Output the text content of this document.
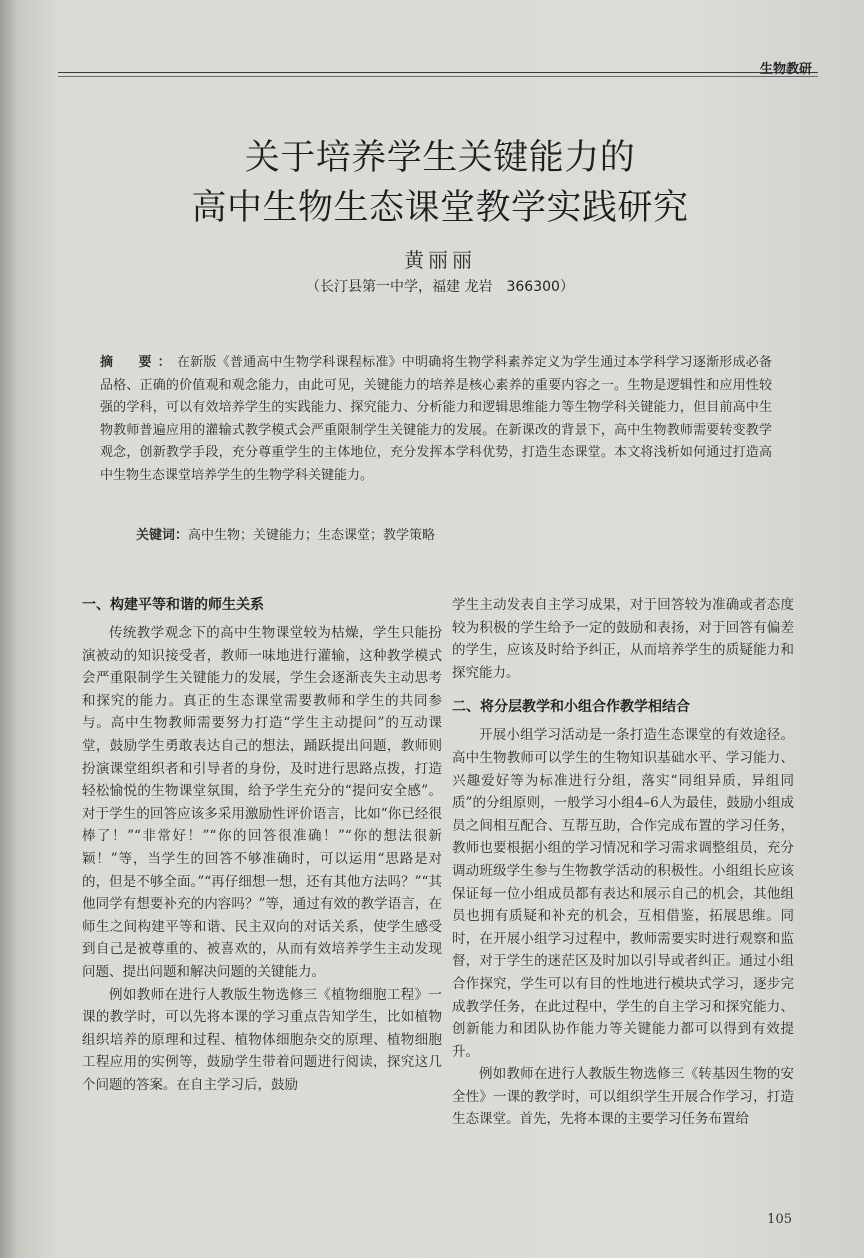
生物教研
关于培养学生关键能力的
高中生物生态课堂教学实践研究
黄丽丽
（长汀县第一中学，福建 龙岩　366300）
摘　要：在新版《普通高中生物学科课程标准》中明确将生物学科素养定义为学生通过本学科学习逐渐形成必备品格、正确的价值观和观念能力，由此可见，关键能力的培养是核心素养的重要内容之一。生物是逻辑性和应用性较强的学科，可以有效培养学生的实践能力、探究能力、分析能力和逻辑思维能力等生物学科关键能力，但目前高中生物教师普遍应用的灌输式教学模式会严重限制学生关键能力的发展。在新课改的背景下，高中生物教师需要转变教学观念，创新教学手段，充分尊重学生的主体地位，充分发挥本学科优势，打造生态课堂。本文将浅析如何通过打造高中生物生态课堂培养学生的生物学科关键能力。
关键词：高中生物；关键能力；生态课堂；教学策略
一、构建平等和谐的师生关系

传统教学观念下的高中生物课堂较为枯燥，学生只能扮演被动的知识接受者，教师一味地进行灌输，这种教学模式会严重限制学生关键能力的发展，学生会逐渐丧失主动思考和探究的能力。真正的生态课堂需要教师和学生的共同参与。高中生物教师需要努力打造“学生主动提问”的互动课堂，鼓励学生勇敢表达自己的想法，踊跃提出问题，教师则扮演课堂组织者和引导者的身份，及时进行思路点拨，打造轻松愉悦的生物课堂氛围，给予学生充分的“提问安全感”。对于学生的回答应该多采用激励性评价语言，比如“你已经很棒了！”“非常好！”“你的回答很准确！”“你的想法很新颖！”等，当学生的回答不够准确时，可以运用“思路是对的，但是不够全面。”“再仔细想一想，还有其他方法吗？”“其他同学有想要补充的内容吗？”等，通过有效的教学语言，在师生之间构建平等和谐、民主双向的对话关系，使学生感受到自己是被尊重的、被喜欢的，从而有效培养学生主动发现问题、提出问题和解决问题的关键能力。

例如教师在进行人教版生物选修三《植物细胞工程》一课的教学时，可以先将本课的学习重点告知学生，比如植物组织培养的原理和过程、植物体细胞杂交的原理、植物细胞工程应用的实例等，鼓励学生带着问题进行阅读，探究这几个问题的答案。在自主学习后，鼓励

学生主动发表自主学习成果，对于回答较为准确或者态度较为积极的学生给予一定的鼓励和表扬，对于回答有偏差的学生，应该及时给予纠正，从而培养学生的质疑能力和探究能力。

二、将分层教学和小组合作教学相结合

开展小组学习活动是一条打造生态课堂的有效途径。高中生物教师可以学生的生物知识基础水平、学习能力、兴趣爱好等为标准进行分组，落实“同组异质，异组同质”的分组原则，一般学习小组4–6人为最佳，鼓励小组成员之间相互配合、互帮互助，合作完成布置的学习任务，教师也要根据小组的学习情况和学习需求调整组员，充分调动班级学生参与生物教学活动的积极性。小组组长应该保证每一位小组成员都有表达和展示自己的机会，其他组员也拥有质疑和补充的机会，互相借鉴，拓展思维。同时，在开展小组学习过程中，教师需要实时进行观察和监督，对于学生的迷茫区及时加以引导或者纠正。通过小组合作探究，学生可以有目的性地进行模块式学习，逐步完成教学任务，在此过程中，学生的自主学习和探究能力、创新能力和团队协作能力等关键能力都可以得到有效提升。

例如教师在进行人教版生物选修三《转基因生物的安全性》一课的教学时，可以组织学生开展合作学习，打造生态课堂。首先，先将本课的主要学习任务布置给

105
